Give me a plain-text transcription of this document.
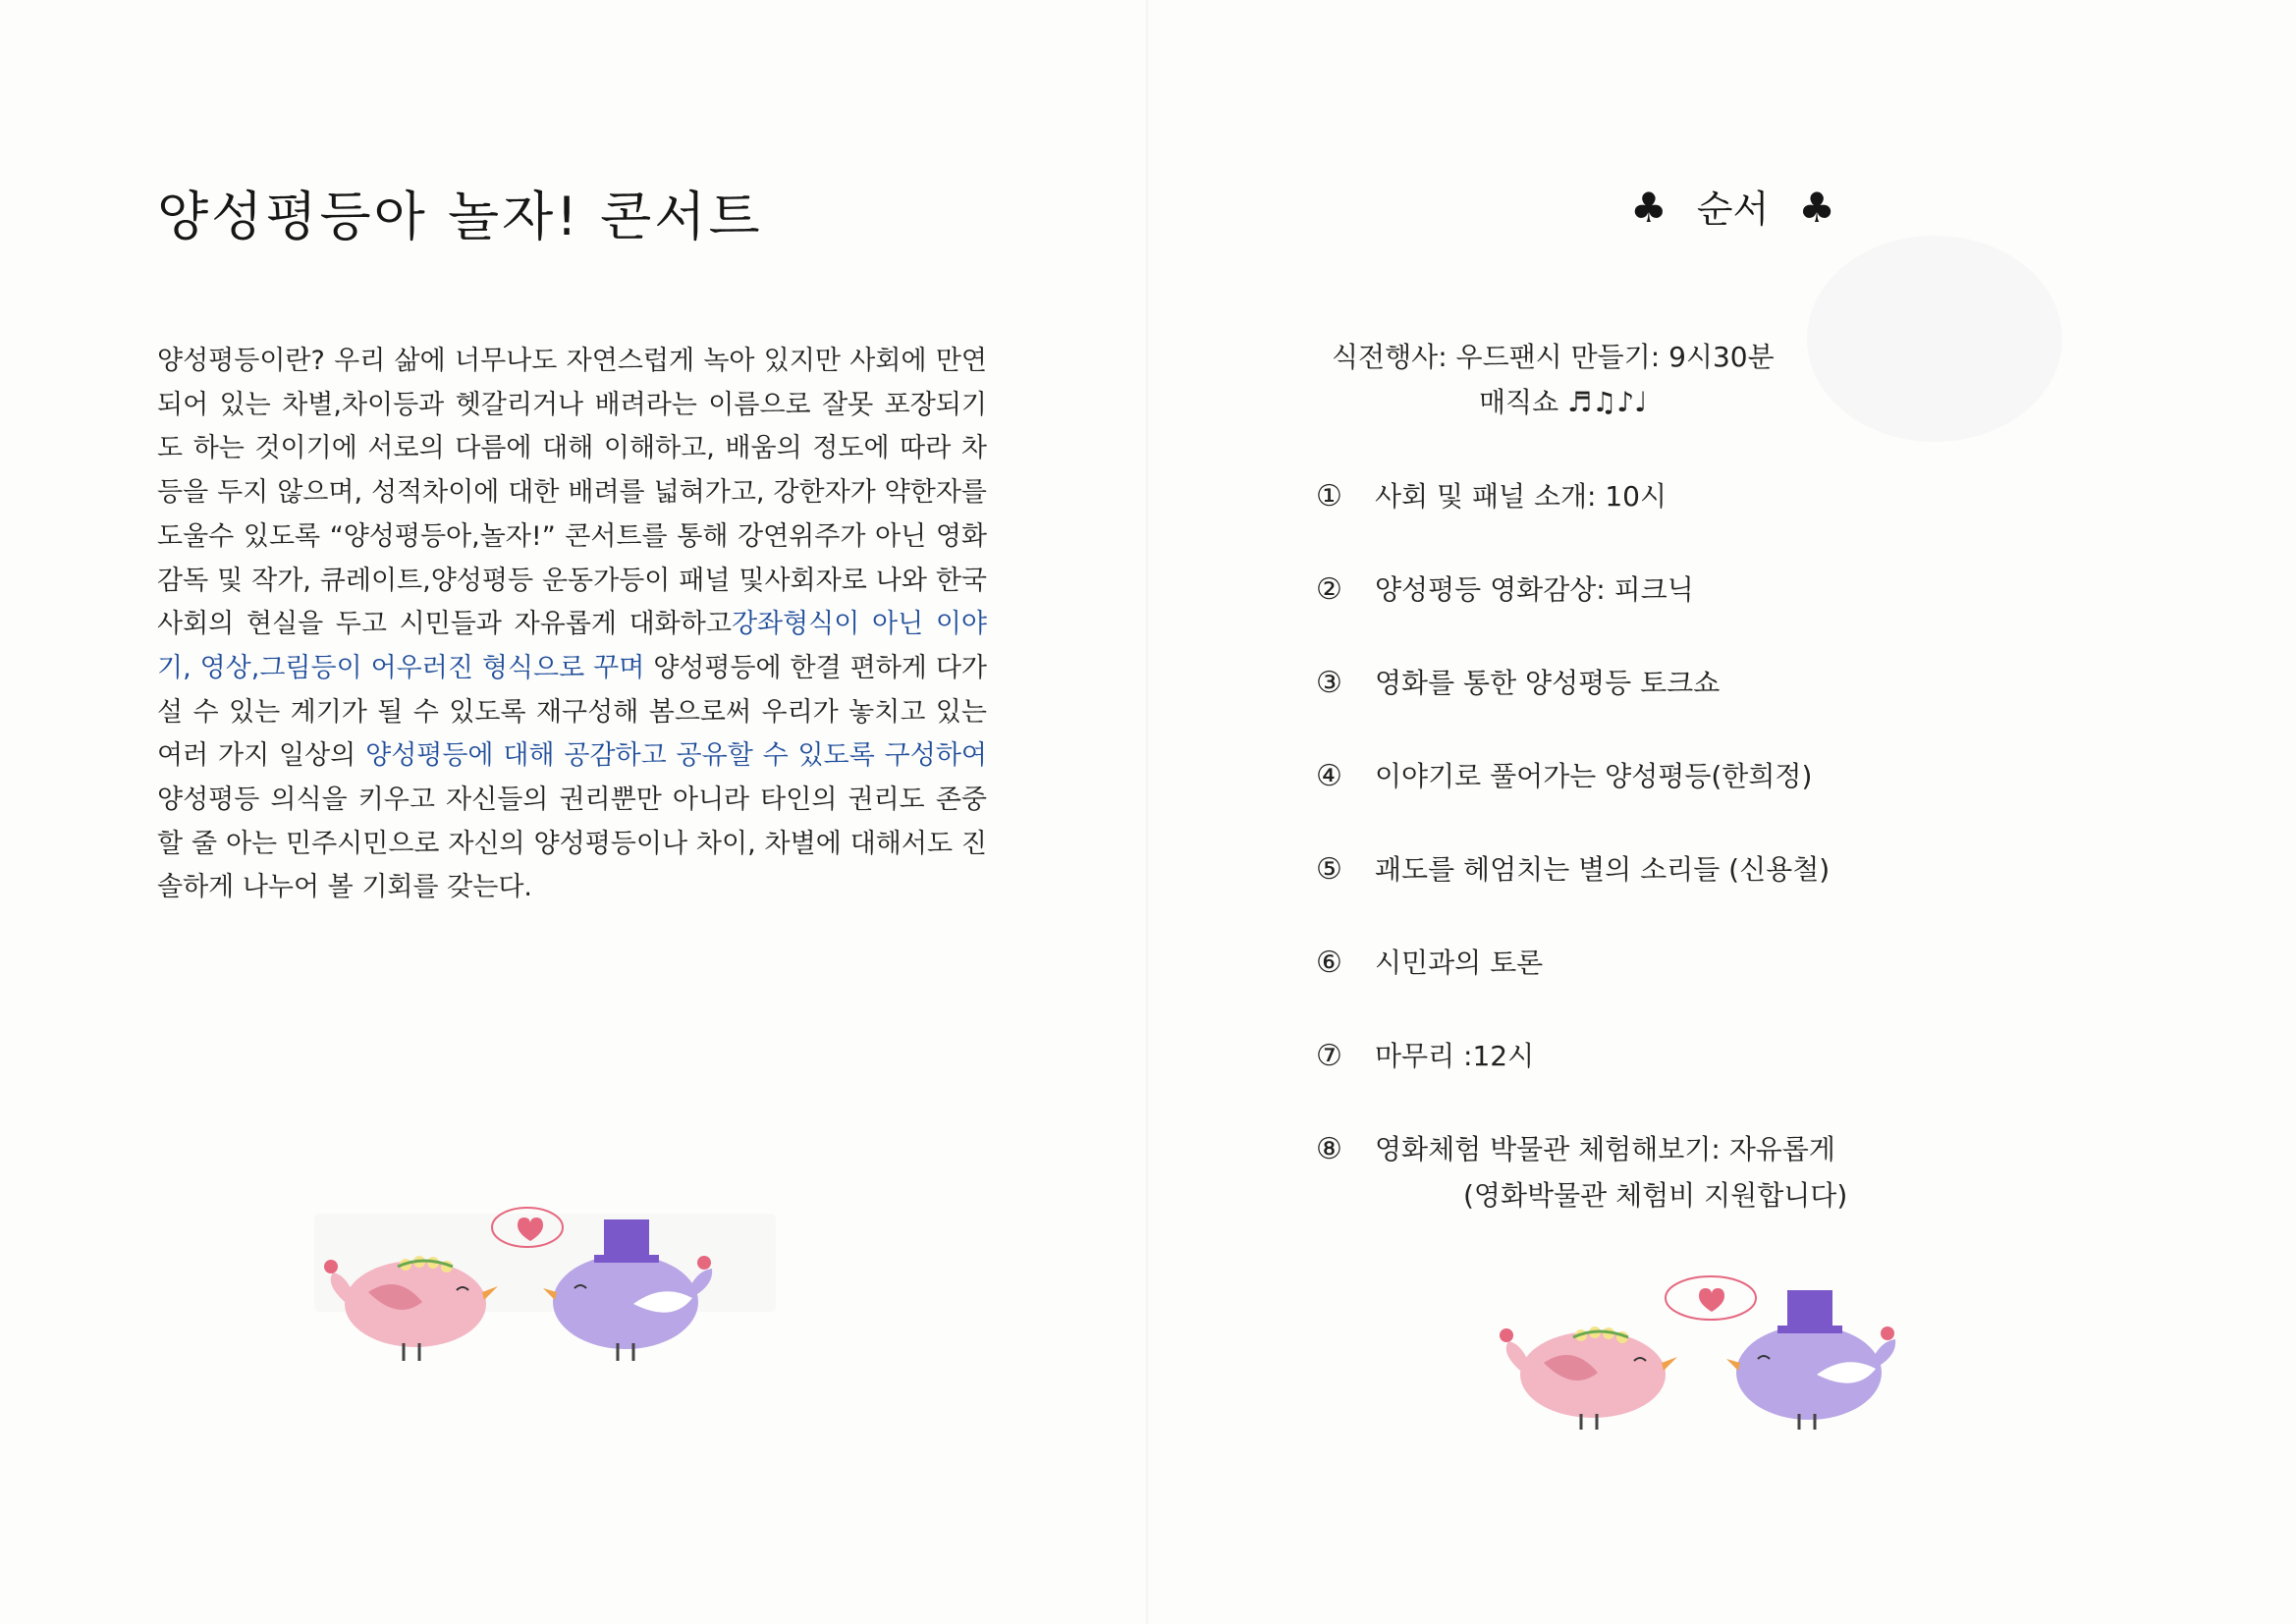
양성평등아 놀자! 콘서트
양성평등이란? 우리 삶에 너무나도 자연스럽게 녹아 있지만 사회에 만연되어 있는 차별,차이등과 헷갈리거나 배려라는 이름으로 잘못 포장되기도 하는 것이기에 서로의 다름에 대해 이해하고, 배움의 정도에 따라 차등을 두지 않으며, 성적차이에 대한 배려를 넓혀가고, 강한자가 약한자를 도울수 있도록 “양성평등아,놀자!” 콘서트를 통해 강연위주가 아닌 영화감독 및 작가, 큐레이트,양성평등 운동가등이 패널 및사회자로 나와 한국사회의 현실을 두고 시민들과 자유롭게 대화하고강좌형식이 아닌 이야기, 영상,그림등이 어우러진 형식으로 꾸며 양성평등에 한결 편하게 다가설 수 있는 계기가 될 수 있도록 재구성해 봄으로써 우리가 놓치고 있는 여러 가지 일상의 양성평등에 대해 공감하고 공유할 수 있도록 구성하여 양성평등 의식을 키우고 자신들의 권리뿐만 아니라 타인의 권리도 존중할 줄 아는 민주시민으로 자신의 양성평등이나 차이, 차별에 대해서도 진솔하게 나누어 볼 기회를 갖는다.
♣ 순서 ♣
식전행사: 우드팬시 만들기: 9시30분
매직쇼 ♬♫♪♩
① 사회 및 패널 소개: 10시
② 양성평등 영화감상: 피크닉
③ 영화를 통한 양성평등 토크쇼
④ 이야기로 풀어가는 양성평등(한희정)
⑤ 괘도를 헤엄치는 별의 소리들 (신용철)
⑥ 시민과의 토론
⑦ 마무리 :12시
⑧ 영화체험 박물관 체험해보기: 자유롭게
(영화박물관 체험비 지원합니다)
